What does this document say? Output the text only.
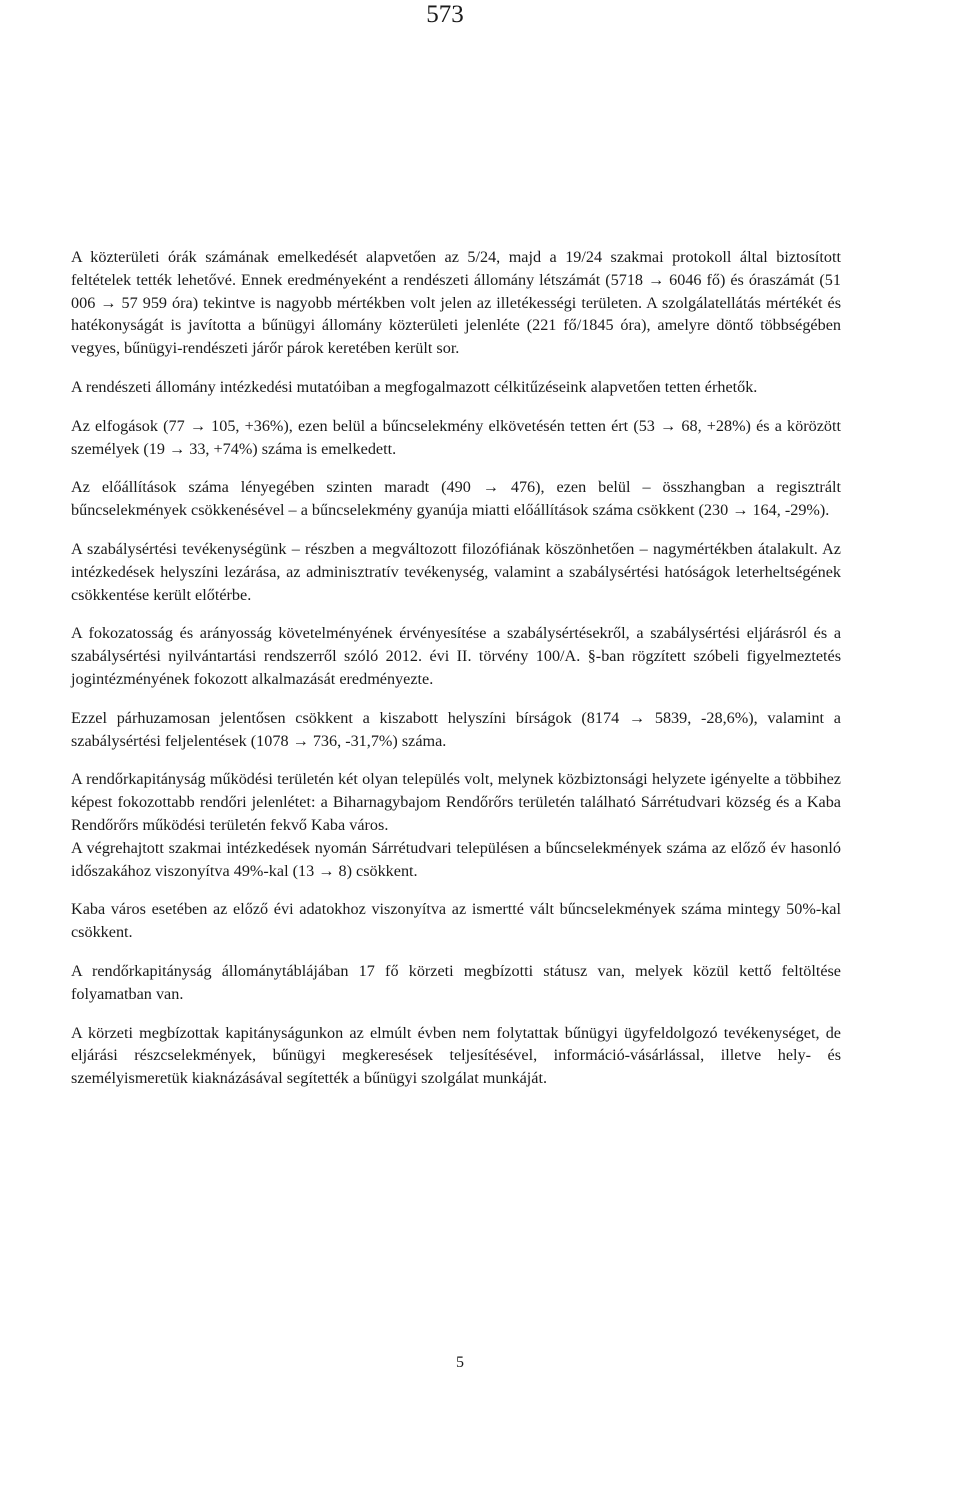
573

A közterületi órák számának emelkedését alapvetően az 5/24, majd a 19/24 szakmai protokoll által biztosított feltételek tették lehetővé. Ennek eredményeként a rendészeti állomány létszámát (5718 → 6046 fő) és óraszámát (51 006 → 57 959 óra) tekintve is nagyobb mértékben volt jelen az illetékességi területen. A szolgálatellátás mértékét és hatékonyságát is javította a bűnügyi állomány közterületi jelenléte (221 fő/1845 óra), amelyre döntő többségében vegyes, bűnügyi-rendészeti járőr párok keretében került sor.

A rendészeti állomány intézkedési mutatóiban a megfogalmazott célkitűzéseink alapvetően tetten érhetők.

Az elfogások (77 → 105, +36%), ezen belül a bűncselekmény elkövetésén tetten ért (53 → 68, +28%) és a körözött személyek (19 → 33, +74%) száma is emelkedett.

Az előállítások száma lényegében szinten maradt (490 → 476), ezen belül – összhangban a regisztrált bűncselekmények csökkenésével – a bűncselekmény gyanúja miatti előállítások száma csökkent (230 → 164, -29%).

A szabálysértési tevékenységünk – részben a megváltozott filozófiának köszönhetően – nagymértékben átalakult. Az intézkedések helyszíni lezárása, az adminisztratív tevékenység, valamint a szabálysértési hatóságok leterheltségének csökkentése került előtérbe.

A fokozatosság és arányosság követelményének érvényesítése a szabálysértésekről, a szabálysértési eljárásról és a szabálysértési nyilvántartási rendszerről szóló 2012. évi II. törvény 100/A. §-ban rögzített szóbeli figyelmeztetés jogintézményének fokozott alkalmazását eredményezte.

Ezzel párhuzamosan jelentősen csökkent a kiszabott helyszíni bírságok (8174 → 5839, -28,6%), valamint a szabálysértési feljelentések (1078 → 736, -31,7%) száma.

A rendőrkapitányság működési területén két olyan település volt, melynek közbiztonsági helyzete igényelte a többihez képest fokozottabb rendőri jelenlétet: a Biharnagybajom Rendőrőrs területén található Sárrétudvari község és a Kaba Rendőrőrs működési területén fekvő Kaba város.

A végrehajtott szakmai intézkedések nyomán Sárrétudvari településen a bűncselekmények száma az előző év hasonló időszakához viszonyítva 49%-kal (13 → 8) csökkent.

Kaba város esetében az előző évi adatokhoz viszonyítva az ismertté vált bűncselekmények száma mintegy 50%-kal csökkent.

A rendőrkapitányság állománytáblájában 17 fő körzeti megbízotti státusz van, melyek közül kettő feltöltése folyamatban van.

A körzeti megbízottak kapitányságunkon az elmúlt évben nem folytattak bűnügyi ügyfeldolgozó tevékenységet, de eljárási részcselekmények, bűnügyi megkeresések teljesítésével, információ-vásárlással, illetve hely- és személyismeretük kiaknázásával segítették a bűnügyi szolgálat munkáját.

5
